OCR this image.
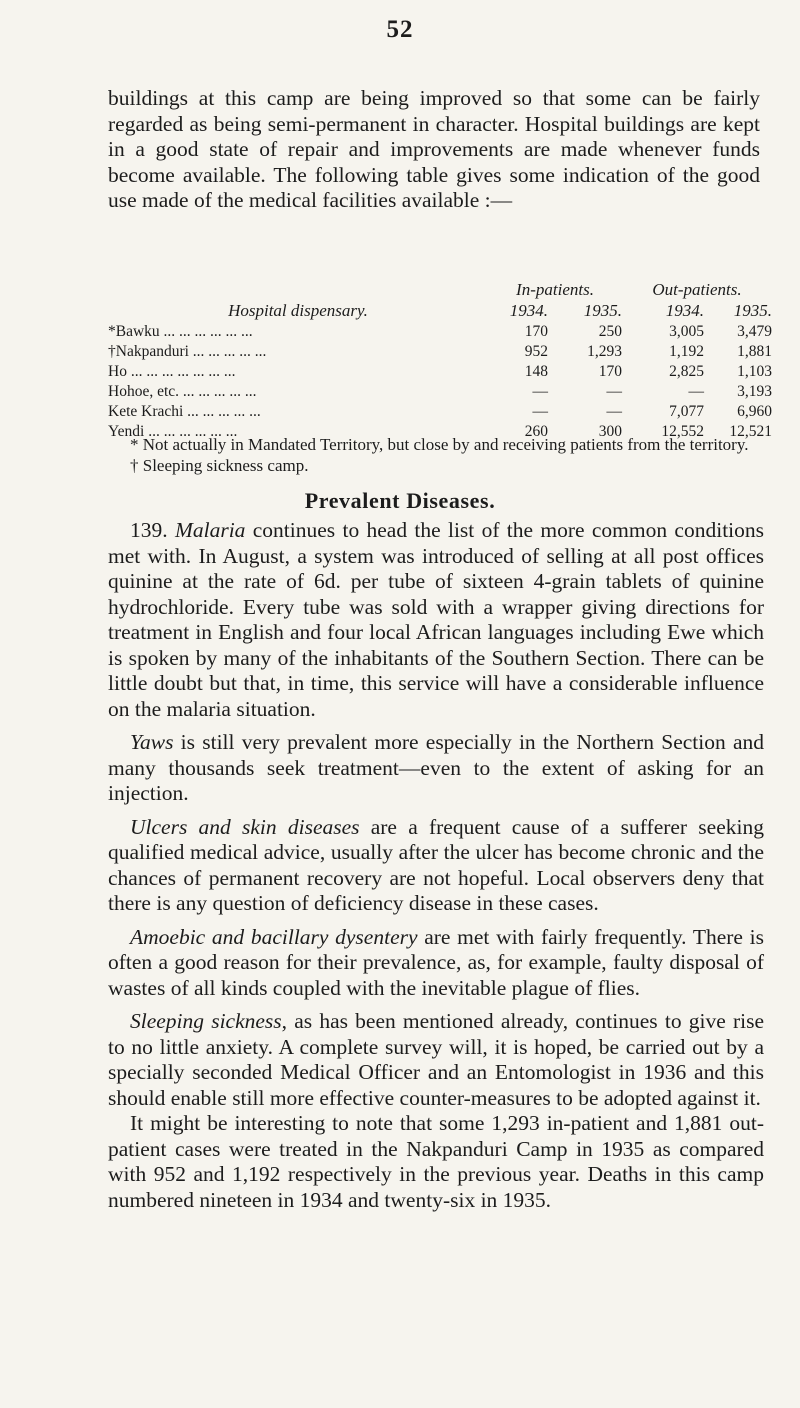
52

buildings at this camp are being improved so that some can be fairly regarded as being semi-permanent in character. Hospital buildings are kept in a good state of repair and improvements are made whenever funds become available. The following table gives some indication of the good use made of the medical facilities available :—

	In-patients.		Out-patients.	
Hospital dispensary.	1934.	1935.	1934.	1935.
*Bawku ... ... ... ... ... ...	170	250	3,005	3,479
†Nakpanduri ... ... ... ... ...	952	1,293	1,192	1,881
Ho ... ... ... ... ... ... ...	148	170	2,825	1,103
Hohoe, etc. ... ... ... ... ...	—	—	—	3,193
Kete Krachi ... ... ... ... ...	—	—	7,077	6,960
Yendi ... ... ... ... ... ...	260	300	12,552	12,521

* Not actually in Mandated Territory, but close by and receiving patients from the territory.

† Sleeping sickness camp.

Prevalent Diseases.

139. Malaria continues to head the list of the more common conditions met with. In August, a system was introduced of selling at all post offices quinine at the rate of 6d. per tube of sixteen 4-grain tablets of quinine hydrochloride. Every tube was sold with a wrapper giving directions for treatment in English and four local African languages including Ewe which is spoken by many of the inhabitants of the Southern Section. There can be little doubt but that, in time, this service will have a considerable influence on the malaria situation.

Yaws is still very prevalent more especially in the Northern Section and many thousands seek treatment—even to the extent of asking for an injection.

Ulcers and skin diseases are a frequent cause of a sufferer seeking qualified medical advice, usually after the ulcer has become chronic and the chances of permanent recovery are not hopeful. Local observers deny that there is any question of deficiency disease in these cases.

Amoebic and bacillary dysentery are met with fairly frequently. There is often a good reason for their prevalence, as, for example, faulty disposal of wastes of all kinds coupled with the inevitable plague of flies.

Sleeping sickness, as has been mentioned already, continues to give rise to no little anxiety. A complete survey will, it is hoped, be carried out by a specially seconded Medical Officer and an Entomologist in 1936 and this should enable still more effective counter-measures to be adopted against it.

It might be interesting to note that some 1,293 in-patient and 1,881 out-patient cases were treated in the Nakpanduri Camp in 1935 as compared with 952 and 1,192 respectively in the previous year. Deaths in this camp numbered nineteen in 1934 and twenty-six in 1935.
